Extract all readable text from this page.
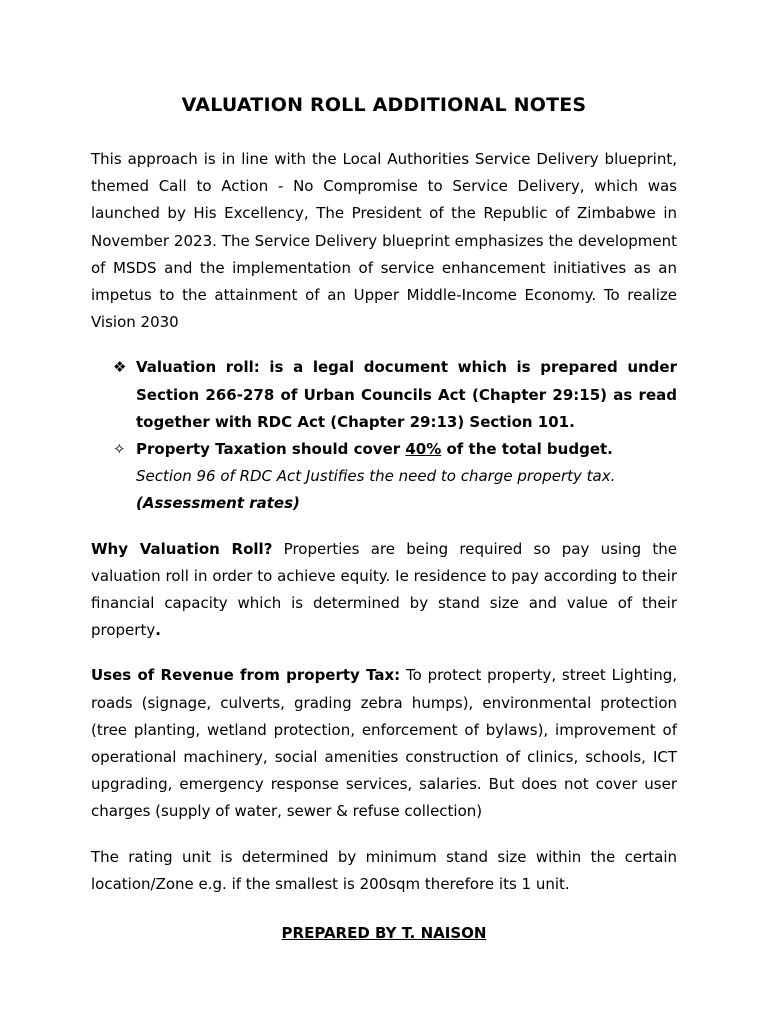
VALUATION ROLL ADDITIONAL NOTES

This approach is in line with the Local Authorities Service Delivery blueprint, themed Call to Action - No Compromise to Service Delivery, which was launched by His Excellency, The President of the Republic of Zimbabwe in November 2023. The Service Delivery blueprint emphasizes the development of MSDS and the implementation of service enhancement initiatives as an impetus to the attainment of an Upper Middle-Income Economy. To realize Vision 2030

❖ Valuation roll: is a legal document which is prepared under Section 266-278 of Urban Councils Act (Chapter 29:15) as read together with RDC Act (Chapter 29:13) Section 101.
✧ Property Taxation should cover 40% of the total budget.
Section 96 of RDC Act Justifies the need to charge property tax.
(Assessment rates)

Why Valuation Roll? Properties are being required so pay using the valuation roll in order to achieve equity. Ie residence to pay according to their financial capacity which is determined by stand size and value of their property.

Uses of Revenue from property Tax: To protect property, street Lighting, roads (signage, culverts, grading zebra humps), environmental protection (tree planting, wetland protection, enforcement of bylaws), improvement of operational machinery, social amenities construction of clinics, schools, ICT upgrading, emergency response services, salaries. But does not cover user charges (supply of water, sewer & refuse collection)

The rating unit is determined by minimum stand size within the certain location/Zone e.g. if the smallest is 200sqm therefore its 1 unit.

PREPARED BY T. NAISON
